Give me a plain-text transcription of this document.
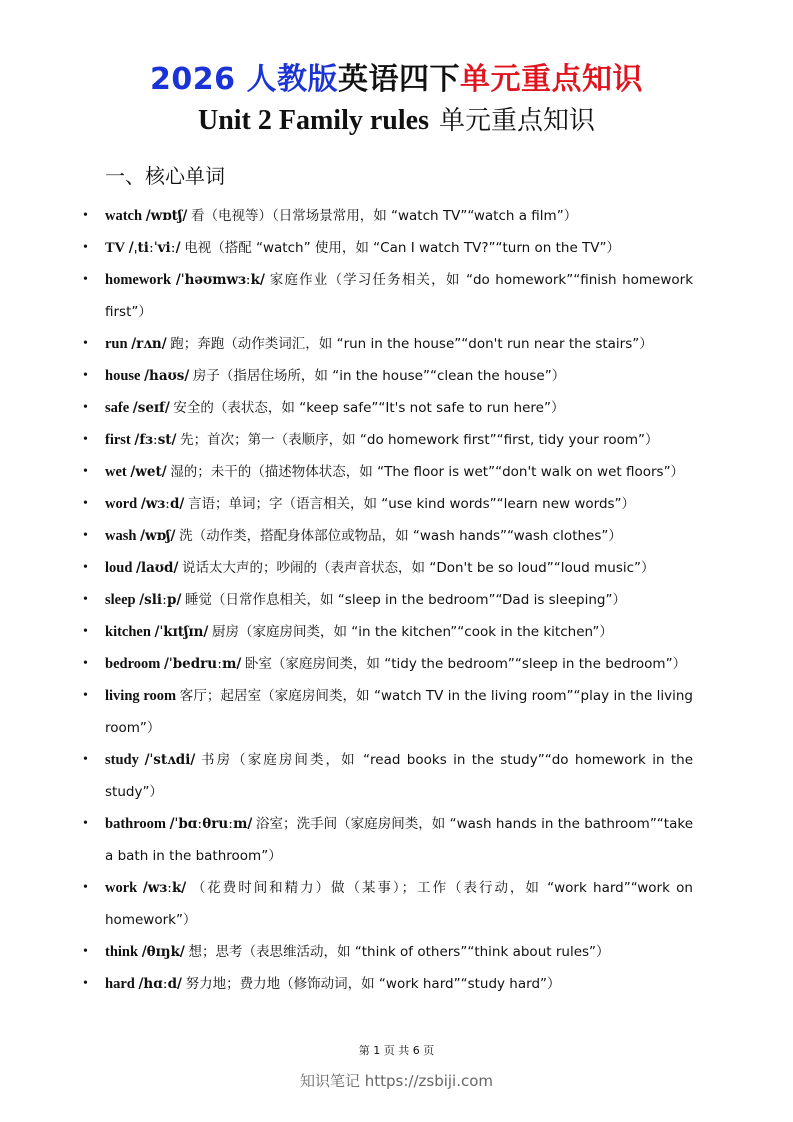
2026 人教版英语四下单元重点知识
Unit 2 Family rules 单元重点知识
一、核心单词
• watch /wɒtʃ/ 看（电视等）（日常场景常用，如 “watch TV”“watch a film”）
• TV /ˌtiːˈviː/ 电视（搭配 “watch” 使用，如 “Can I watch TV?”“turn on the TV”）
• homework /ˈhəʊmwɜːk/ 家庭作业（学习任务相关，如 “do homework”“finish homework first”）
• run /rʌn/ 跑；奔跑（动作类词汇，如 “run in the house”“don't run near the stairs”）
• house /haʊs/ 房子（指居住场所，如 “in the house”“clean the house”）
• safe /seɪf/ 安全的（表状态，如 “keep safe”“It's not safe to run here”）
• first /fɜːst/ 先；首次；第一（表顺序，如 “do homework first”“first, tidy your room”）
• wet /wet/ 湿的；未干的（描述物体状态，如 “The floor is wet”“don't walk on wet floors”）
• word /wɜːd/ 言语；单词；字（语言相关，如 “use kind words”“learn new words”）
• wash /wɒʃ/ 洗（动作类，搭配身体部位或物品，如 “wash hands”“wash clothes”）
• loud /laʊd/ 说话太大声的；吵闹的（表声音状态，如 “Don't be so loud”“loud music”）
• sleep /sliːp/ 睡觉（日常作息相关，如 “sleep in the bedroom”“Dad is sleeping”）
• kitchen /ˈkɪtʃɪn/ 厨房（家庭房间类，如 “in the kitchen”“cook in the kitchen”）
• bedroom /ˈbedruːm/ 卧室（家庭房间类，如 “tidy the bedroom”“sleep in the bedroom”）
• living room 客厅；起居室（家庭房间类，如 “watch TV in the living room”“play in the living room”）
• study /ˈstʌdi/ 书房（家庭房间类，如 “read books in the study”“do homework in the study”）
• bathroom /ˈbɑːθruːm/ 浴室；洗手间（家庭房间类，如 “wash hands in the bathroom”“take a bath in the bathroom”）
• work /wɜːk/ （花费时间和精力）做（某事）；工作（表行动，如 “work hard”“work on homework”）
• think /θɪŋk/ 想；思考（表思维活动，如 “think of others”“think about rules”）
• hard /hɑːd/ 努力地；费力地（修饰动词，如 “work hard”“study hard”）
第 1 页 共 6 页
知识笔记 https://zsbiji.com
